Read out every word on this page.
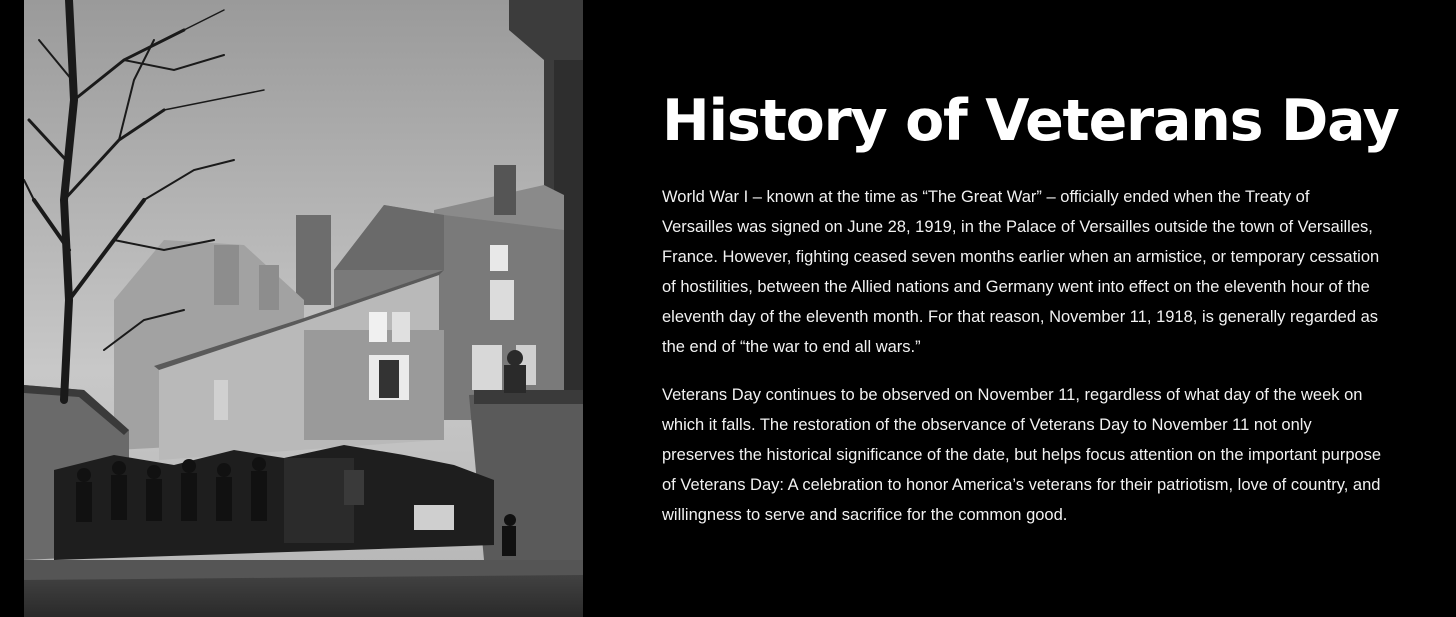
History of Veterans Day

World War I – known at the time as “The Great War” – officially ended when the Treaty of Versailles was signed on June 28, 1919, in the Palace of Versailles outside the town of Versailles, France. However, fighting ceased seven months earlier when an armistice, or temporary cessation of hostilities, between the Allied nations and Germany went into effect on the eleventh hour of the eleventh day of the eleventh month. For that reason, November 11, 1918, is generally regarded as the end of “the war to end all wars.”

Veterans Day continues to be observed on November 11, regardless of what day of the week on which it falls. The restoration of the observance of Veterans Day to November 11 not only preserves the historical significance of the date, but helps focus attention on the important purpose of Veterans Day: A celebration to honor America’s veterans for their patriotism, love of country, and willingness to serve and sacrifice for the common good.
